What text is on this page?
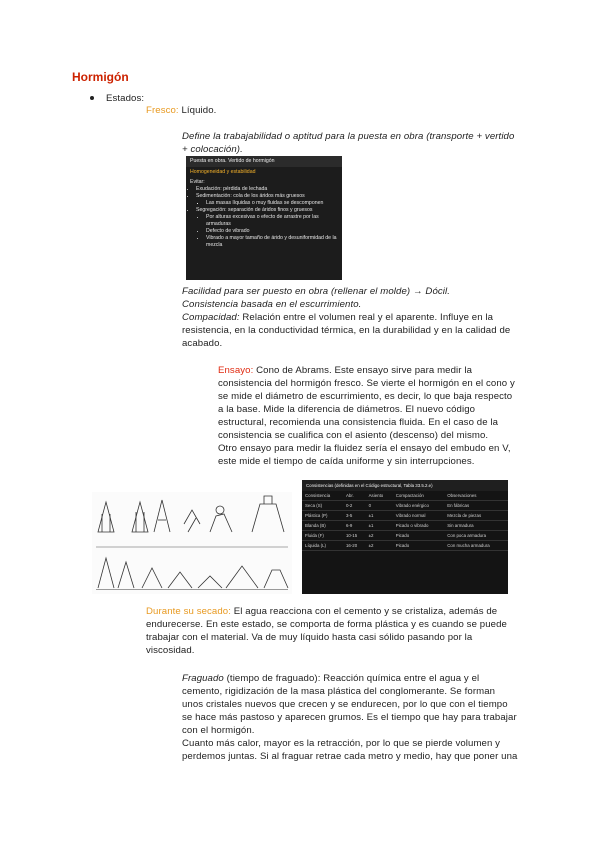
Hormigón
Estados:
Fresco: Líquido.
Define la trabajabilidad o aptitud para la puesta en obra (transporte + vertido
+ colocación).
Puesta en obra. Vertido de hormigón
Homogeneidad y estabilidad
Evitar:
• Exudación: pérdida de lechada
• Sedimentación: cola de los áridos más gruesos
▪ Las masas líquidas o muy fluidas se descomponen
• Segregación: separación de áridos finos y gruesos
• Por alturas excesivas o efecto de arrastre por las armaduras
• Defecto de vibrado
• Vibrado a mayor tamaño de árido y desuniformidad de la mezcla
Facilidad para ser puesto en obra (rellenar el molde) → Dócil.
Consistencia basada en el escurrimiento.
Compacidad: Relación entre el volumen real y el aparente. Influye en la
resistencia, en la conductividad térmica, en la durabilidad y en la calidad de
acabado.
Ensayo: Cono de Abrams. Este ensayo sirve para medir la
consistencia del hormigón fresco. Se vierte el hormigón en el cono y
se mide el diámetro de escurrimiento, es decir, lo que baja respecto
a la base. Mide la diferencia de diámetros. El nuevo código
estructural, recomienda una consistencia fluida. En el caso de la
consistencia se cualifica con el asiento (descenso) del mismo.
Otro ensayo para medir la fluidez sería el ensayo del embudo en V,
este mide el tiempo de caída uniforme y sin interrupciones.
Consistencias (definidas en el Código estructural, Tabla 33.5.2.e)
Consistencia	Abr.	Asiento	Compactación	Observaciones
Seca (S)	0-2	0	Vibrado enérgico	En fábricas
Plástica (P)	3-5	±1	Vibrado normal	Mezcla de piezas
Blanda (B)	6-9	±1	Picado o vibrado	Sin armadura
Fluida (F)	10-15	±2	Picado	Con poca armadura
Líquida (L)	16-20	±2	Picado	Con mucha armadura
Durante su secado: El agua reacciona con el cemento y se cristaliza, además de
endurecerse. En este estado, se comporta de forma plástica y es cuando se puede
trabajar con el material. Va de muy líquido hasta casi sólido pasando por la
viscosidad.
Fraguado (tiempo de fraguado): Reacción química entre el agua y el
cemento, rigidización de la masa plástica del conglomerante. Se forman
unos cristales nuevos que crecen y se endurecen, por lo que con el tiempo
se hace más pastoso y aparecen grumos. Es el tiempo que hay para trabajar
con el hormigón.
Cuanto más calor, mayor es la retracción, por lo que se pierde volumen y
perdemos juntas. Si al fraguar retrae cada metro y medio, hay que poner una
